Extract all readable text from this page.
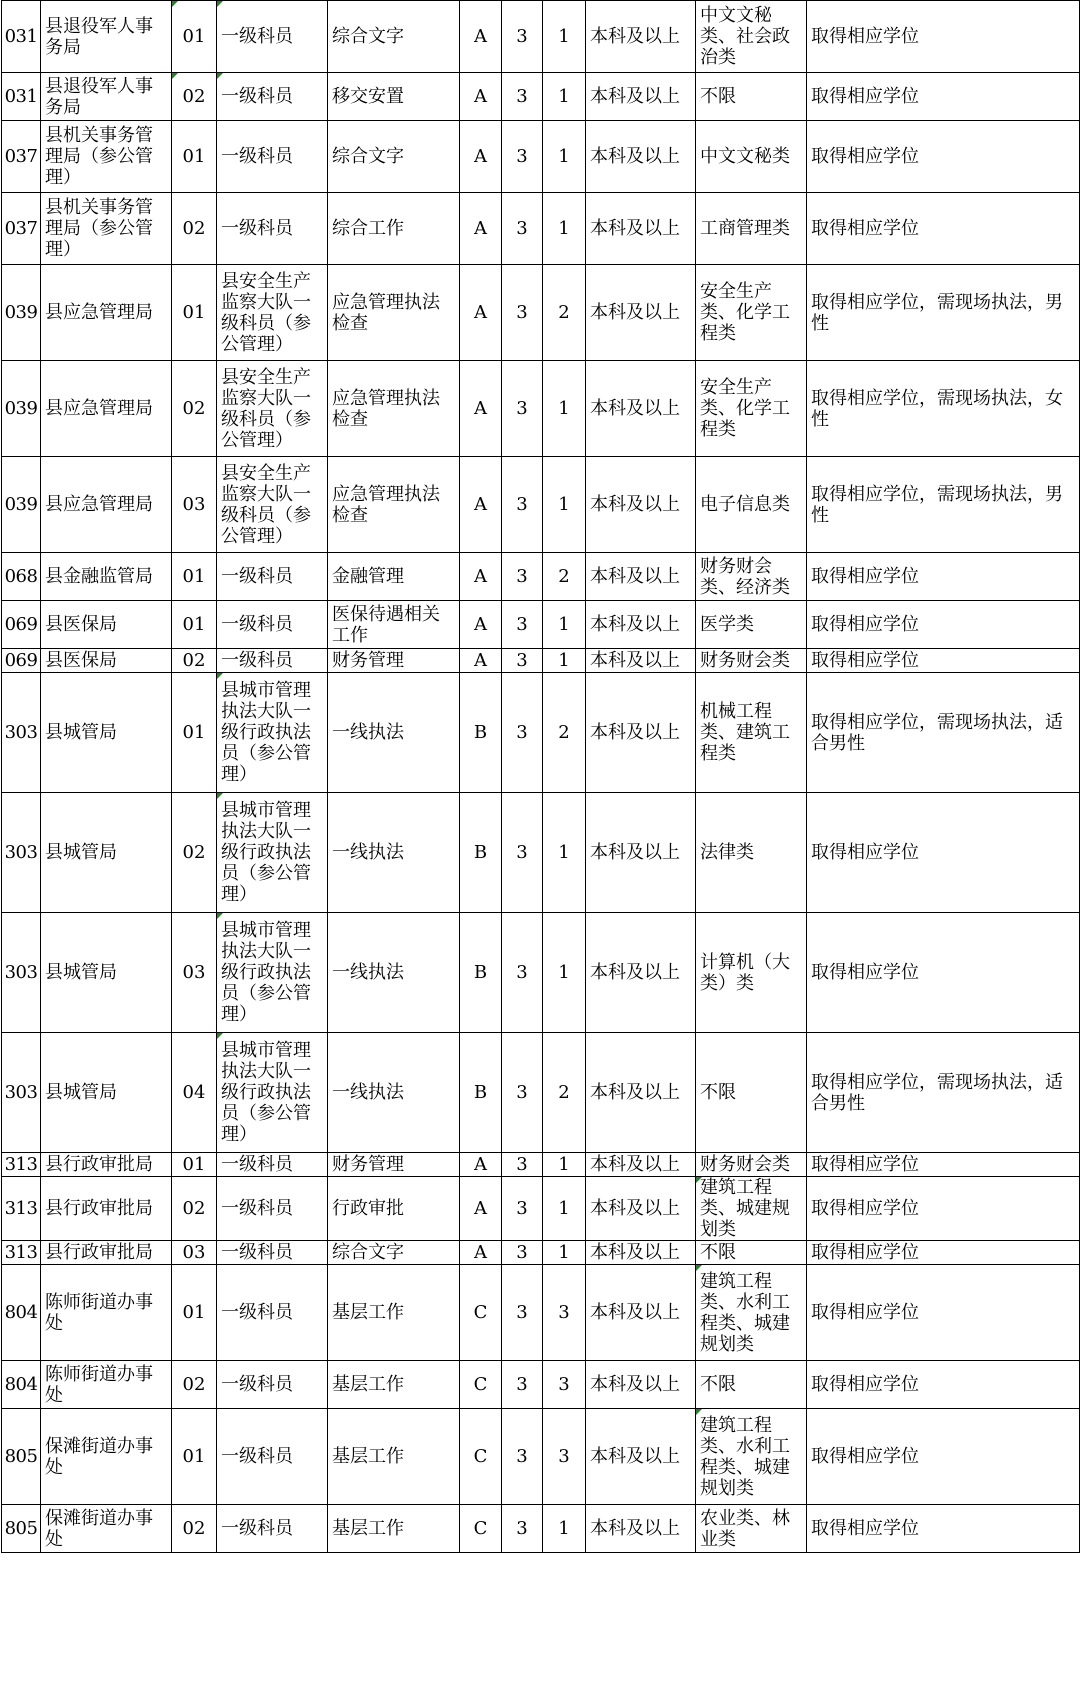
031	县退役军人事务局	01	一级科员	综合文字	A	3	1	本科及以上	中文文秘类、社会政治类	取得相应学位
031	县退役军人事务局	02	一级科员	移交安置	A	3	1	本科及以上	不限	取得相应学位
037	县机关事务管理局（参公管理）	01	一级科员	综合文字	A	3	1	本科及以上	中文文秘类	取得相应学位
037	县机关事务管理局（参公管理）	02	一级科员	综合工作	A	3	1	本科及以上	工商管理类	取得相应学位
039	县应急管理局	01	县安全生产监察大队一级科员（参公管理）	应急管理执法检查	A	3	2	本科及以上	安全生产类、化学工程类	取得相应学位，需现场执法，男性
039	县应急管理局	02	县安全生产监察大队一级科员（参公管理）	应急管理执法检查	A	3	1	本科及以上	安全生产类、化学工程类	取得相应学位，需现场执法，女性
039	县应急管理局	03	县安全生产监察大队一级科员（参公管理）	应急管理执法检查	A	3	1	本科及以上	电子信息类	取得相应学位，需现场执法，男性
068	县金融监管局	01	一级科员	金融管理	A	3	2	本科及以上	财务财会类、经济类	取得相应学位
069	县医保局	01	一级科员	医保待遇相关工作	A	3	1	本科及以上	医学类	取得相应学位
069	县医保局	02	一级科员	财务管理	A	3	1	本科及以上	财务财会类	取得相应学位
303	县城管局	01	县城市管理执法大队一级行政执法员（参公管理）	一线执法	B	3	2	本科及以上	机械工程类、建筑工程类	取得相应学位，需现场执法，适合男性
303	县城管局	02	县城市管理执法大队一级行政执法员（参公管理）	一线执法	B	3	1	本科及以上	法律类	取得相应学位
303	县城管局	03	县城市管理执法大队一级行政执法员（参公管理）	一线执法	B	3	1	本科及以上	计算机（大类）类	取得相应学位
303	县城管局	04	县城市管理执法大队一级行政执法员（参公管理）	一线执法	B	3	2	本科及以上	不限	取得相应学位，需现场执法，适合男性
313	县行政审批局	01	一级科员	财务管理	A	3	1	本科及以上	财务财会类	取得相应学位
313	县行政审批局	02	一级科员	行政审批	A	3	1	本科及以上	建筑工程类、城建规划类	取得相应学位
313	县行政审批局	03	一级科员	综合文字	A	3	1	本科及以上	不限	取得相应学位
804	陈师街道办事处	01	一级科员	基层工作	C	3	3	本科及以上	建筑工程类、水利工程类、城建规划类	取得相应学位
804	陈师街道办事处	02	一级科员	基层工作	C	3	3	本科及以上	不限	取得相应学位
805	保滩街道办事处	01	一级科员	基层工作	C	3	3	本科及以上	建筑工程类、水利工程类、城建规划类	取得相应学位
805	保滩街道办事处	02	一级科员	基层工作	C	3	1	本科及以上	农业类、林业类	取得相应学位
